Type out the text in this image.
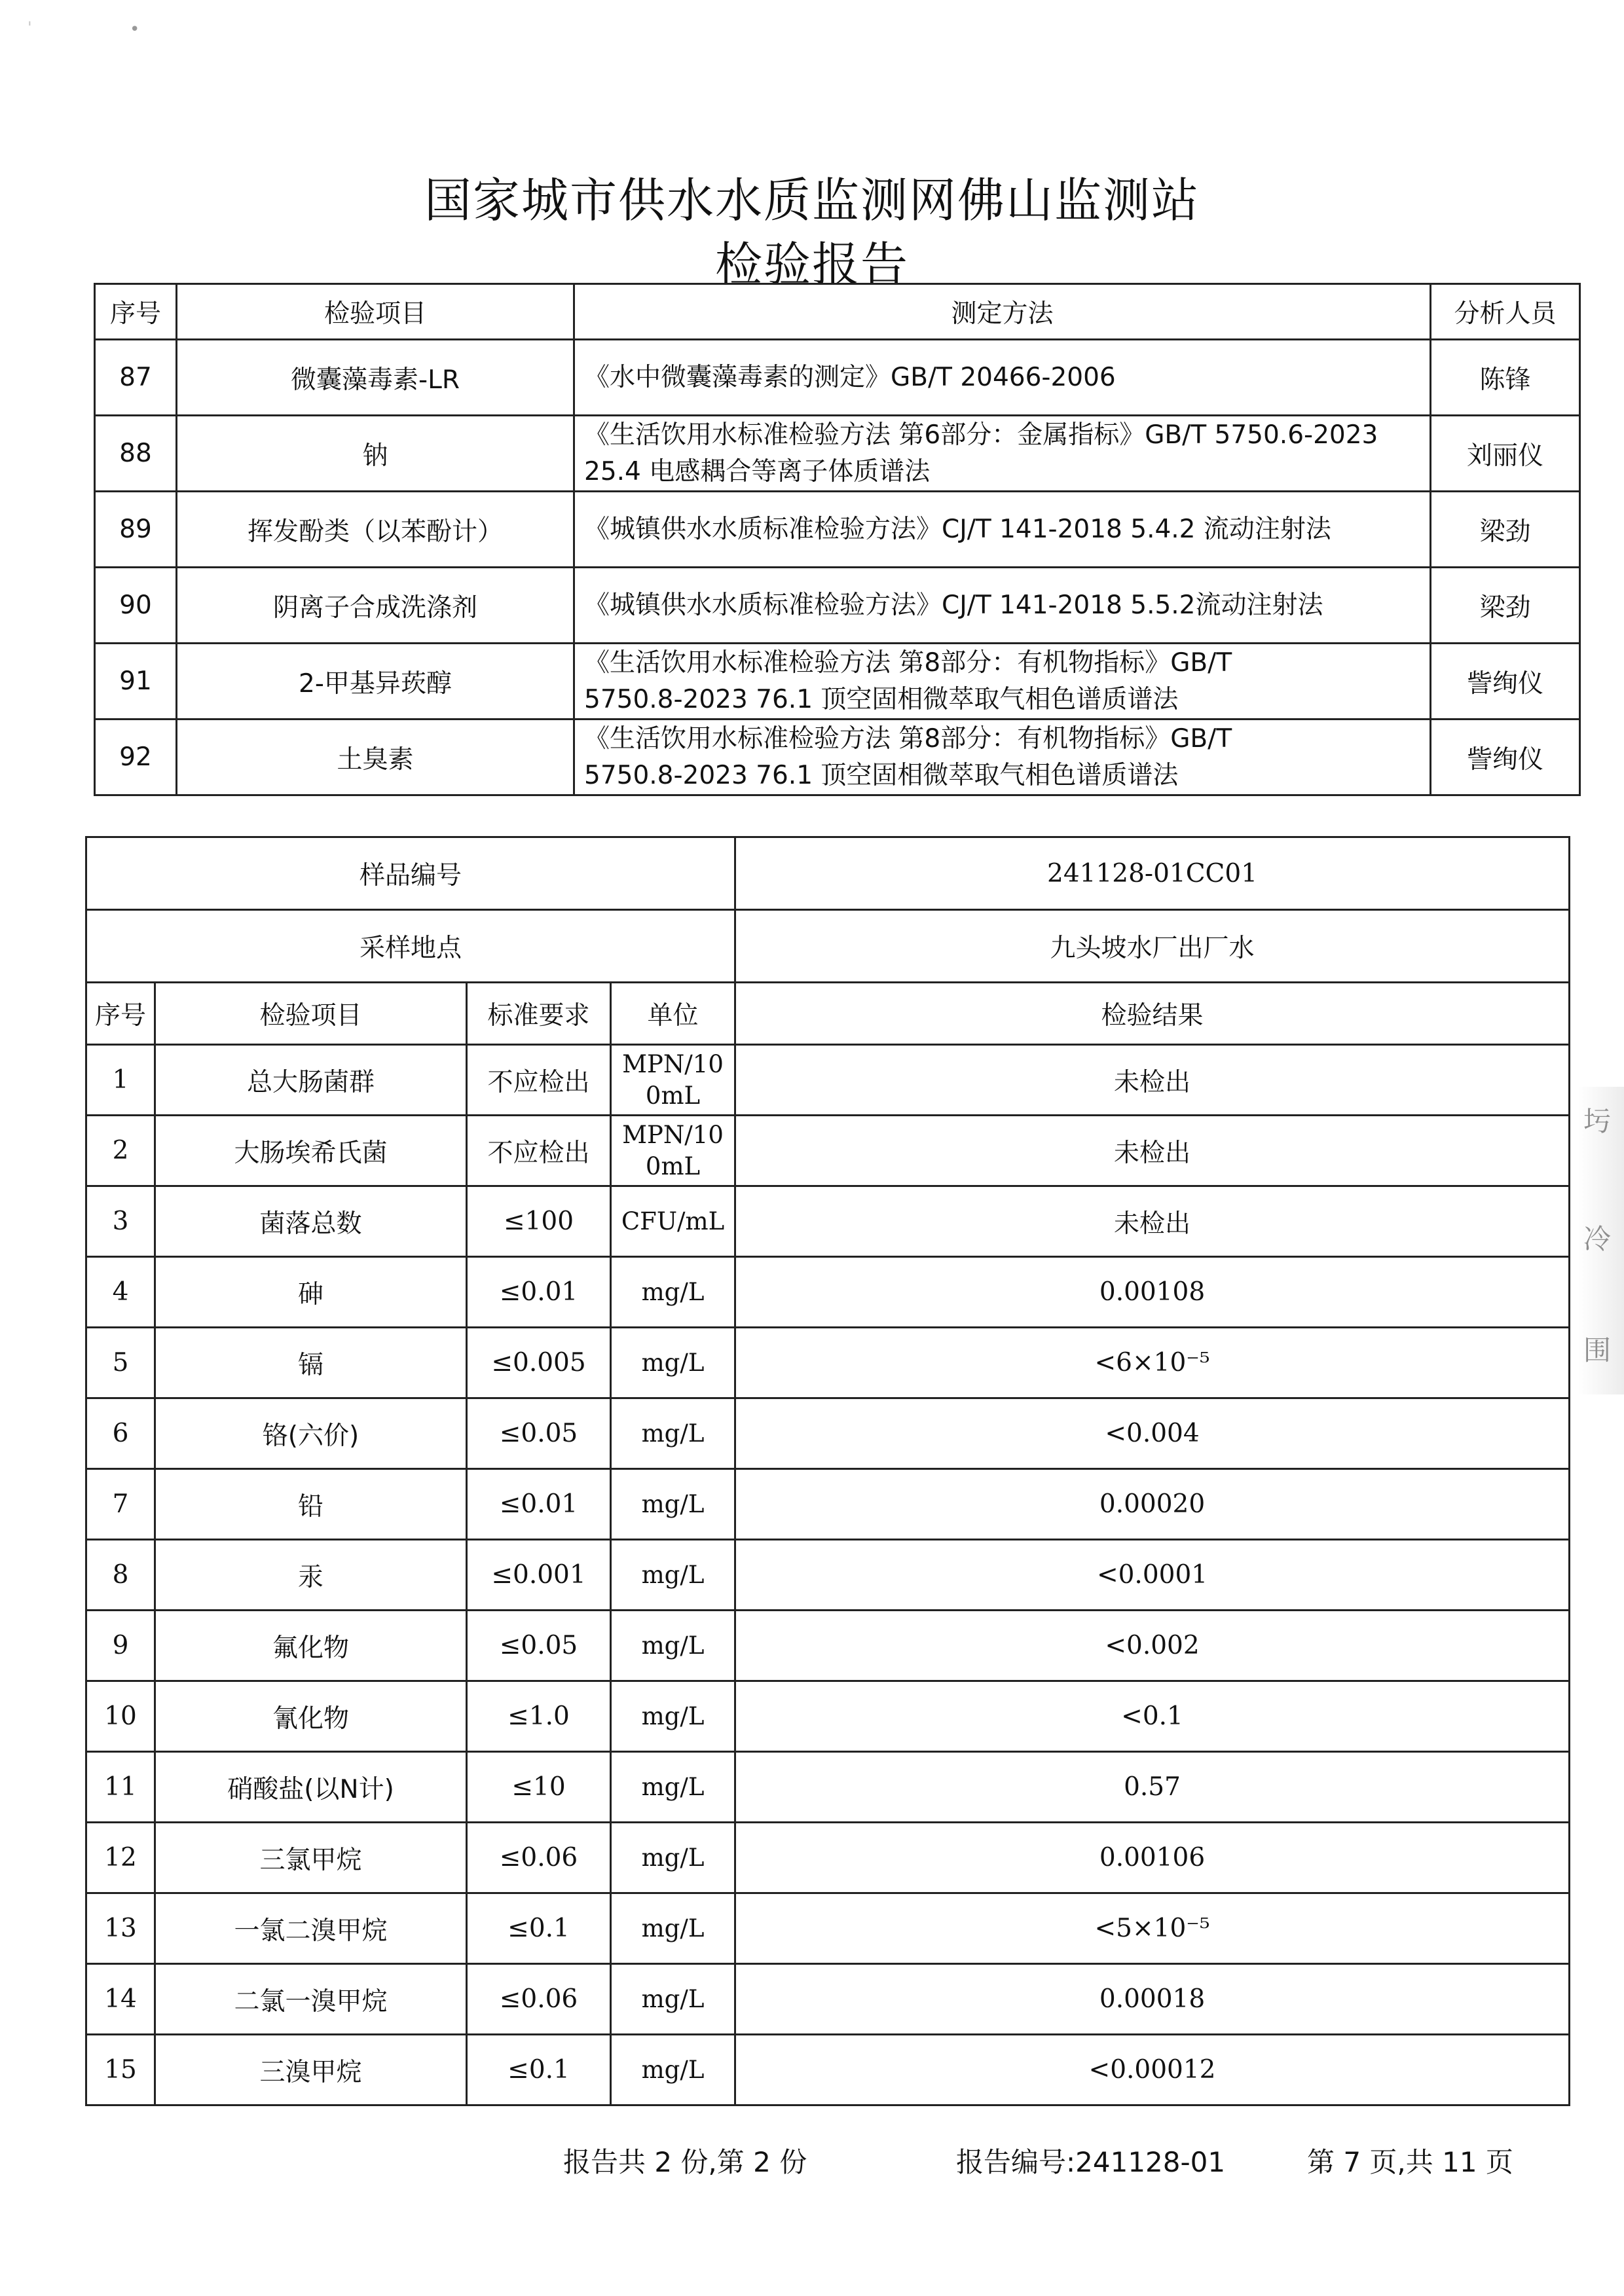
'	•
国家城市供水水质监测网佛山监测站
检验报告
序号	检验项目	测定方法	分析人员
87	微囊藻毒素-LR	《水中微囊藻毒素的测定》GB/T 20466-2006	陈锋
88	钠	《生活饮用水标准检验方法 第6部分：金属指标》GB/T 5750.6-2023
25.4 电感耦合等离子体质谱法	刘丽仪
89	挥发酚类（以苯酚计）	《城镇供水水质标准检验方法》CJ/T 141-2018 5.4.2 流动注射法	梁劲
90	阴离子合成洗涤剂	《城镇供水水质标准检验方法》CJ/T 141-2018 5.5.2流动注射法	梁劲
91	2-甲基异莰醇	《生活饮用水标准检验方法 第8部分：有机物指标》GB/T
5750.8-2023 76.1 顶空固相微萃取气相色谱质谱法	訾绚仪
92	土臭素	《生活饮用水标准检验方法 第8部分：有机物指标》GB/T
5750.8-2023 76.1 顶空固相微萃取气相色谱质谱法	訾绚仪
样品编号				241128-01CC01
采样地点				九头坡水厂出厂水
序号	检验项目	标准要求	单位	检验结果
1	总大肠菌群	不应检出	MPN/10
0mL	未检出
2	大肠埃希氏菌	不应检出	MPN/10
0mL	未检出
3	菌落总数	≤100	CFU/mL	未检出
4	砷	≤0.01	mg/L	0.00108
5	镉	≤0.005	mg/L	<6×10⁻⁵
6	铬(六价)	≤0.05	mg/L	<0.004
7	铅	≤0.01	mg/L	0.00020
8	汞	≤0.001	mg/L	<0.0001
9	氟化物	≤0.05	mg/L	<0.002
10	氰化物	≤1.0	mg/L	<0.1
11	硝酸盐(以N计)	≤10	mg/L	0.57
12	三氯甲烷	≤0.06	mg/L	0.00106
13	一氯二溴甲烷	≤0.1	mg/L	<5×10⁻⁵
14	二氯一溴甲烷	≤0.06	mg/L	0.00018
15	三溴甲烷	≤0.1	mg/L	<0.00012
报告共 2 份,第 2 份	报告编号:241128-01	第 7 页,共 11 页
圬
冷
围
